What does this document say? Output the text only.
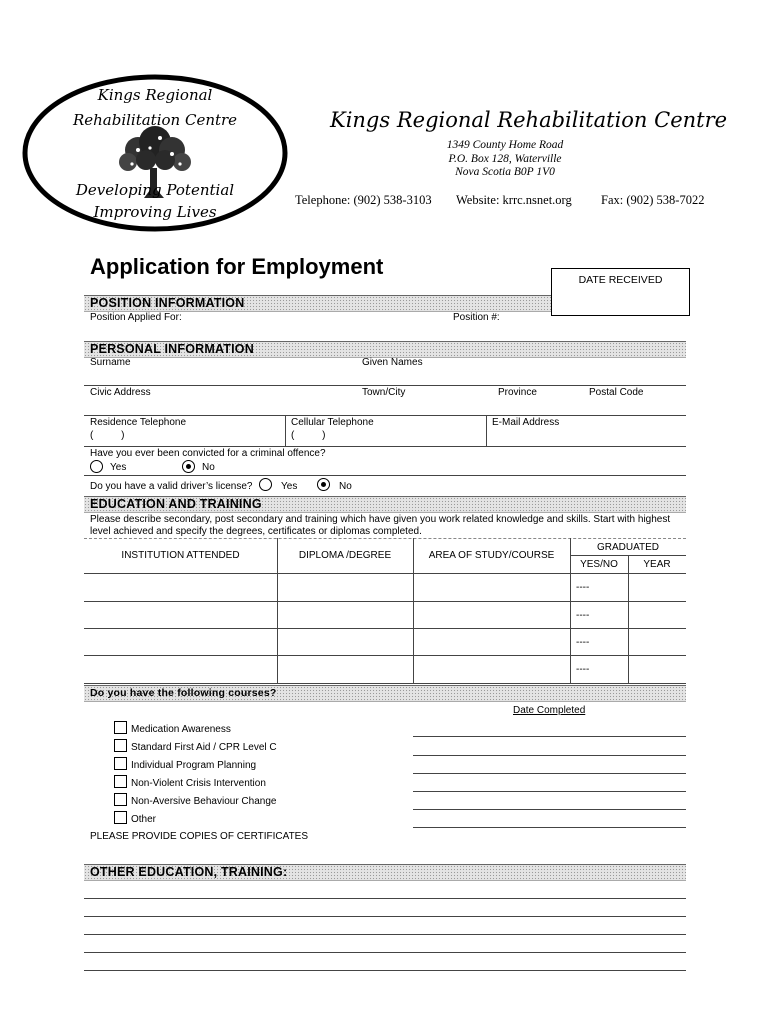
Kings Regional
Rehabilitation Centre
Developing Potential
Improving Lives
Kings Regional Rehabilitation Centre
1349 County Home Road
P.O. Box 128, Waterville
Nova Scotia B0P 1V0
Telephone: (902) 538-3103 Website: krrc.nsnet.org Fax: (902) 538-7022
Application for Employment
DATE RECEIVED
POSITION INFORMATION
Position Applied For:	Position #:
PERSONAL INFORMATION
Surname	Given Names
Civic Address	Town/City	Province	Postal Code
Residence Telephone
(          )
Cellular Telephone
(          )
E-Mail Address
Have you ever been convicted for a criminal offence?
Yes	No
Do you have a valid driver’s license?	Yes	No
EDUCATION AND TRAINING
Please describe secondary, post secondary and training which have given you work related knowledge and skills. Start with highest
level achieved and specify the degrees, certificates or diplomas completed.
INSTITUTION ATTENDED	DIPLOMA /DEGREE	AREA OF STUDY/COURSE
GRADUATED
YES/NO	YEAR
----
----
----
----
Do you have the following courses?
Date Completed
Medication Awareness
Standard First Aid / CPR Level C
Individual Program Planning
Non-Violent Crisis Intervention
Non-Aversive Behaviour Change
Other
PLEASE PROVIDE COPIES OF CERTIFICATES
OTHER EDUCATION, TRAINING:
